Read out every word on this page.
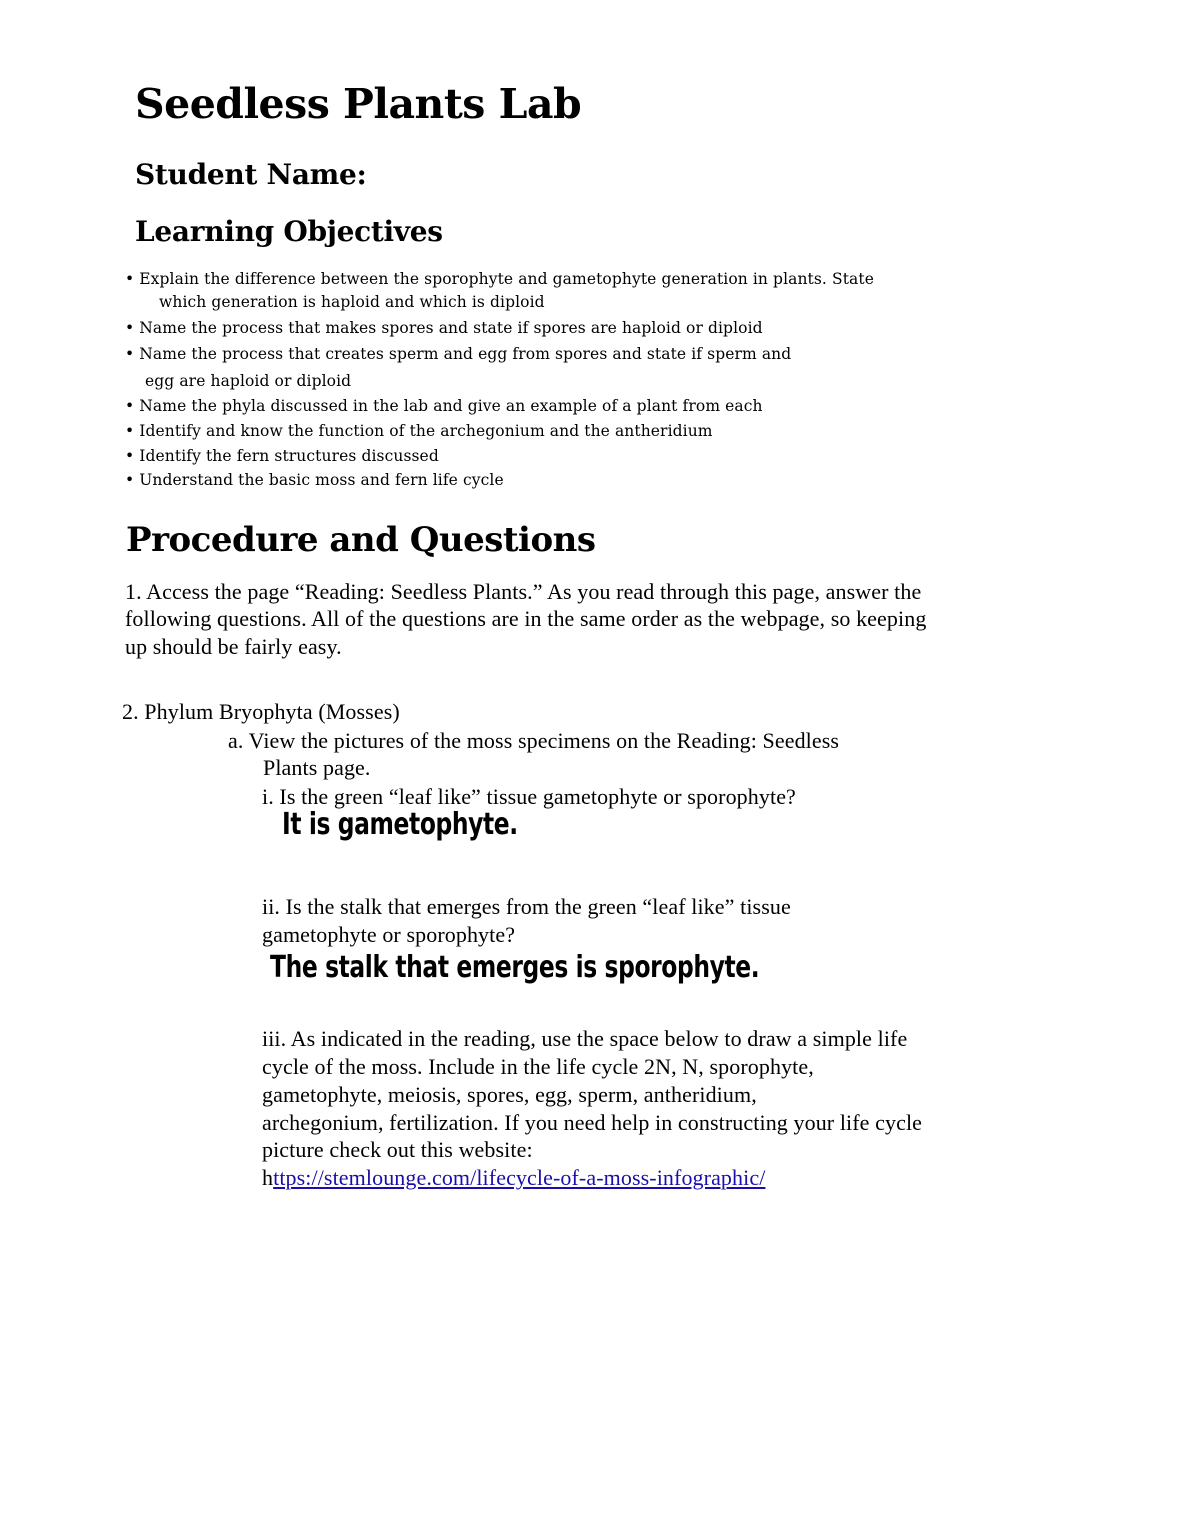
Seedless Plants Lab
Student Name:
Learning Objectives
• Explain the difference between the sporophyte and gametophyte generation in plants. State
which generation is haploid and which is diploid
• Name the process that makes spores and state if spores are haploid or diploid
• Name the process that creates sperm and egg from spores and state if sperm and
egg are haploid or diploid
• Name the phyla discussed in the lab and give an example of a plant from each
• Identify and know the function of the archegonium and the antheridium
• Identify the fern structures discussed
• Understand the basic moss and fern life cycle
Procedure and Questions
1. Access the page “Reading: Seedless Plants.” As you read through this page, answer the
following questions. All of the questions are in the same order as the webpage, so keeping
up should be fairly easy.
2. Phylum Bryophyta (Mosses)
a. View the pictures of the moss specimens on the Reading: Seedless
Plants page.
i. Is the green “leaf like” tissue gametophyte or sporophyte?
It is gametophyte.
ii. Is the stalk that emerges from the green “leaf like” tissue
gametophyte or sporophyte?
The stalk that emerges is sporophyte.
iii. As indicated in the reading, use the space below to draw a simple life
cycle of the moss. Include in the life cycle 2N, N, sporophyte,
gametophyte, meiosis, spores, egg, sperm, antheridium,
archegonium, fertilization. If you need help in constructing your life cycle
picture check out this website:
https://stemlounge.com/lifecycle-of-a-moss-infographic/
